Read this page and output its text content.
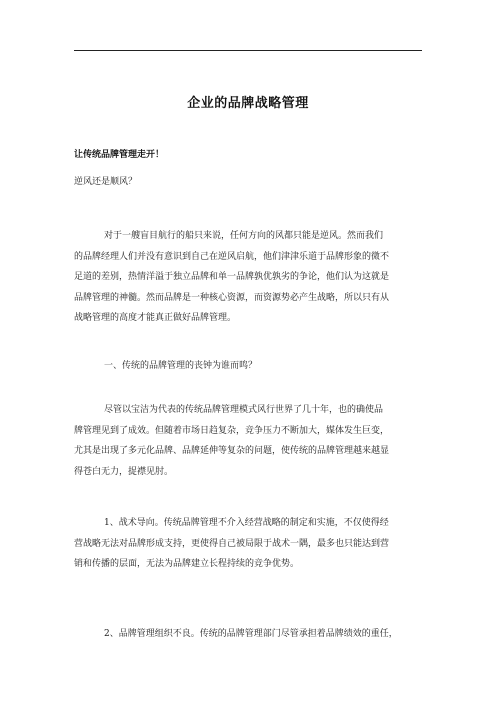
企业的品牌战略管理
让传统品牌管理走开！
逆风还是顺风？
对于一艘盲目航行的船只来说，任何方向的风都只能是逆风。然而我们
的品牌经理人们并没有意识到自己在逆风启航，他们津津乐道于品牌形象的微不
足道的差别，热情洋溢于独立品牌和单一品牌孰优孰劣的争论，他们认为这就是
品牌管理的神髓。然而品牌是一种核心资源，而资源势必产生战略，所以只有从
战略管理的高度才能真正做好品牌管理。
一、传统的品牌管理的丧钟为谁而鸣？
尽管以宝洁为代表的传统品牌管理模式风行世界了几十年，也的确使品
牌管理见到了成效。但随着市场日趋复杂，竞争压力不断加大，媒体发生巨变，
尤其是出现了多元化品牌、品牌延伸等复杂的问题，使传统的品牌管理越来越显
得苍白无力，捉襟见肘。
1、战术导向。传统品牌管理不介入经营战略的制定和实施，不仅使得经
营战略无法对品牌形成支持，更使得自己被局限于战术一隅，最多也只能达到营
销和传播的层面，无法为品牌建立长程持续的竞争优势。
2、品牌管理组织不良。传统的品牌管理部门尽管承担着品牌绩效的重任，
